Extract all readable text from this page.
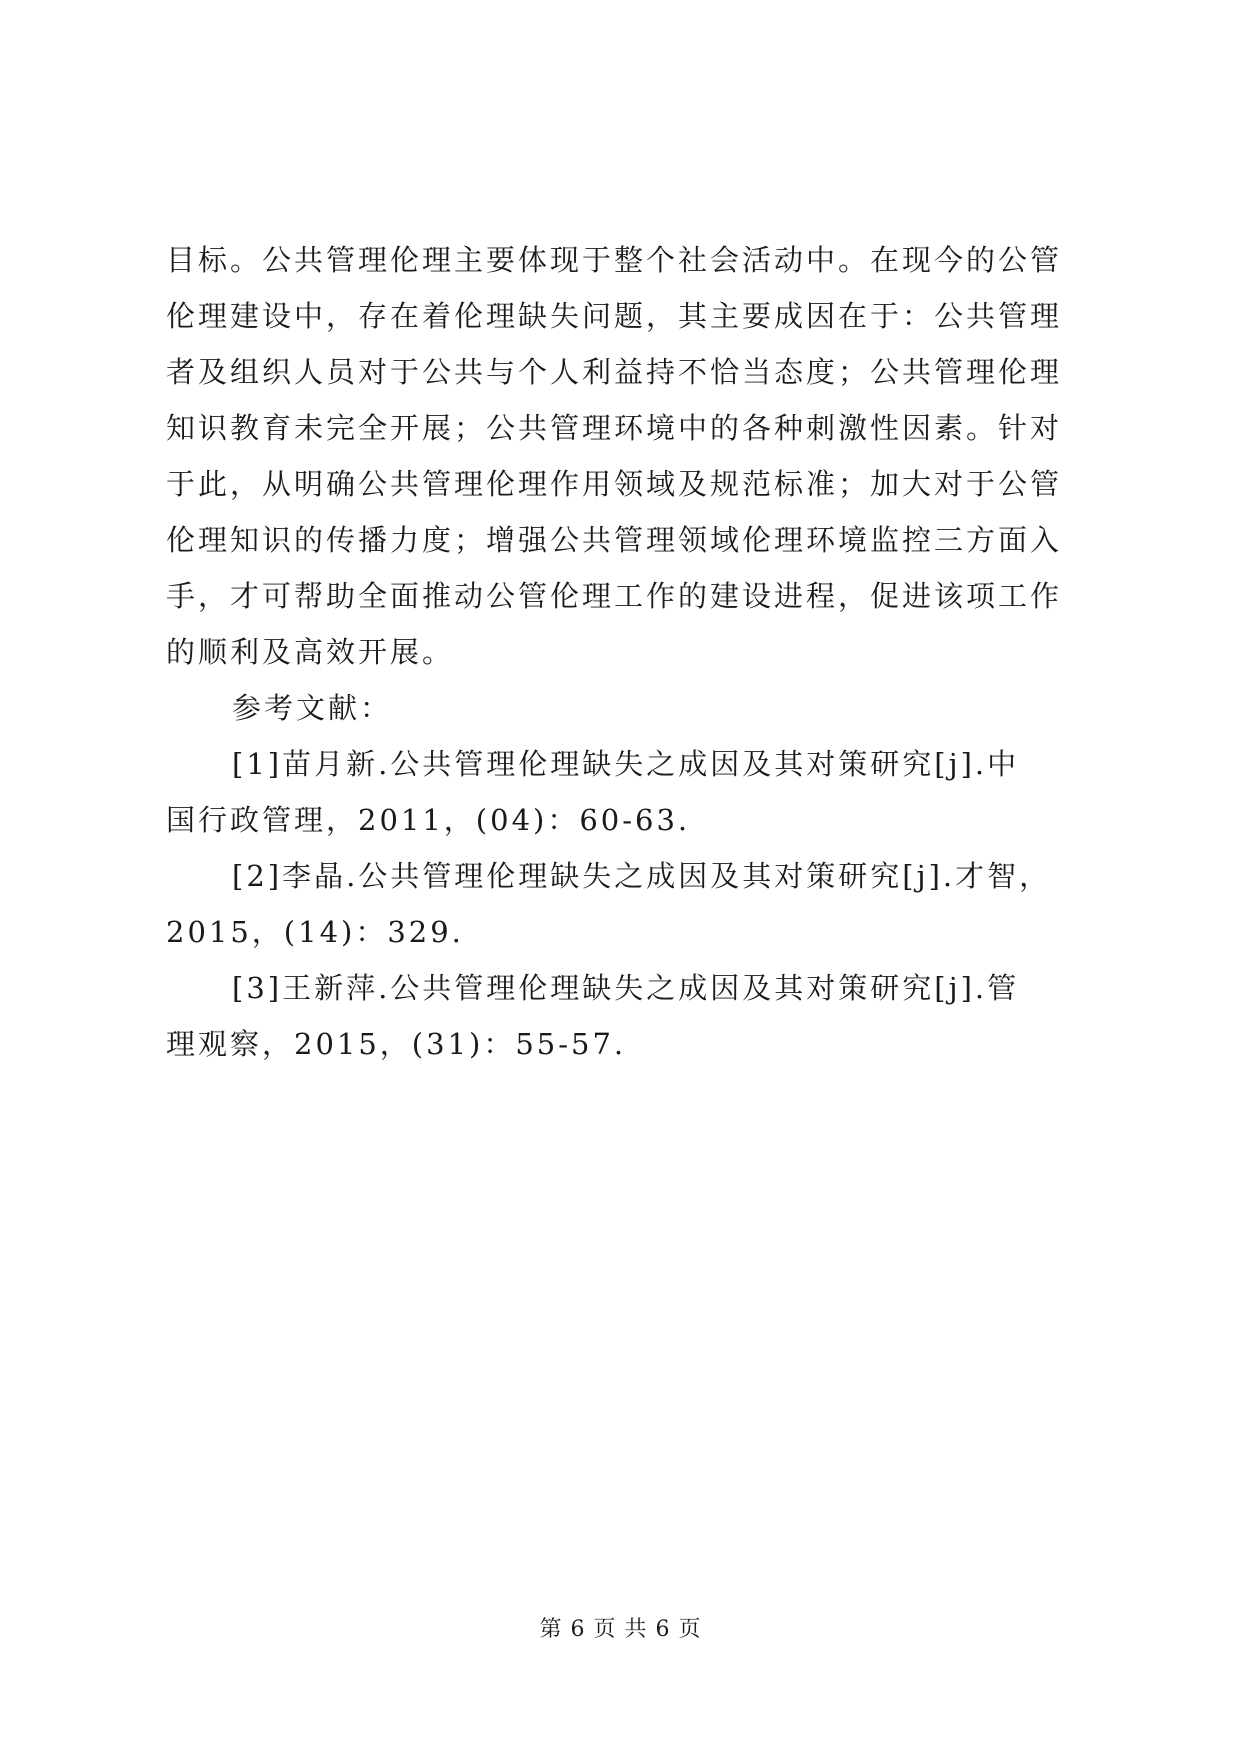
目标。公共管理伦理主要体现于整个社会活动中。在现今的公管
伦理建设中，存在着伦理缺失问题，其主要成因在于：公共管理
者及组织人员对于公共与个人利益持不恰当态度；公共管理伦理
知识教育未完全开展；公共管理环境中的各种刺激性因素。针对
于此，从明确公共管理伦理作用领域及规范标准；加大对于公管
伦理知识的传播力度；增强公共管理领域伦理环境监控三方面入
手，才可帮助全面推动公管伦理工作的建设进程，促进该项工作
的顺利及高效开展。
参考文献：
[1]苗月新.公共管理伦理缺失之成因及其对策研究[j].中
国行政管理，2011，(04)：60-63.
[2]李晶.公共管理伦理缺失之成因及其对策研究[j].才智，
2015，(14)：329.
[3]王新萍.公共管理伦理缺失之成因及其对策研究[j].管
理观察，2015，(31)：55-57.
第 6 页 共 6 页
